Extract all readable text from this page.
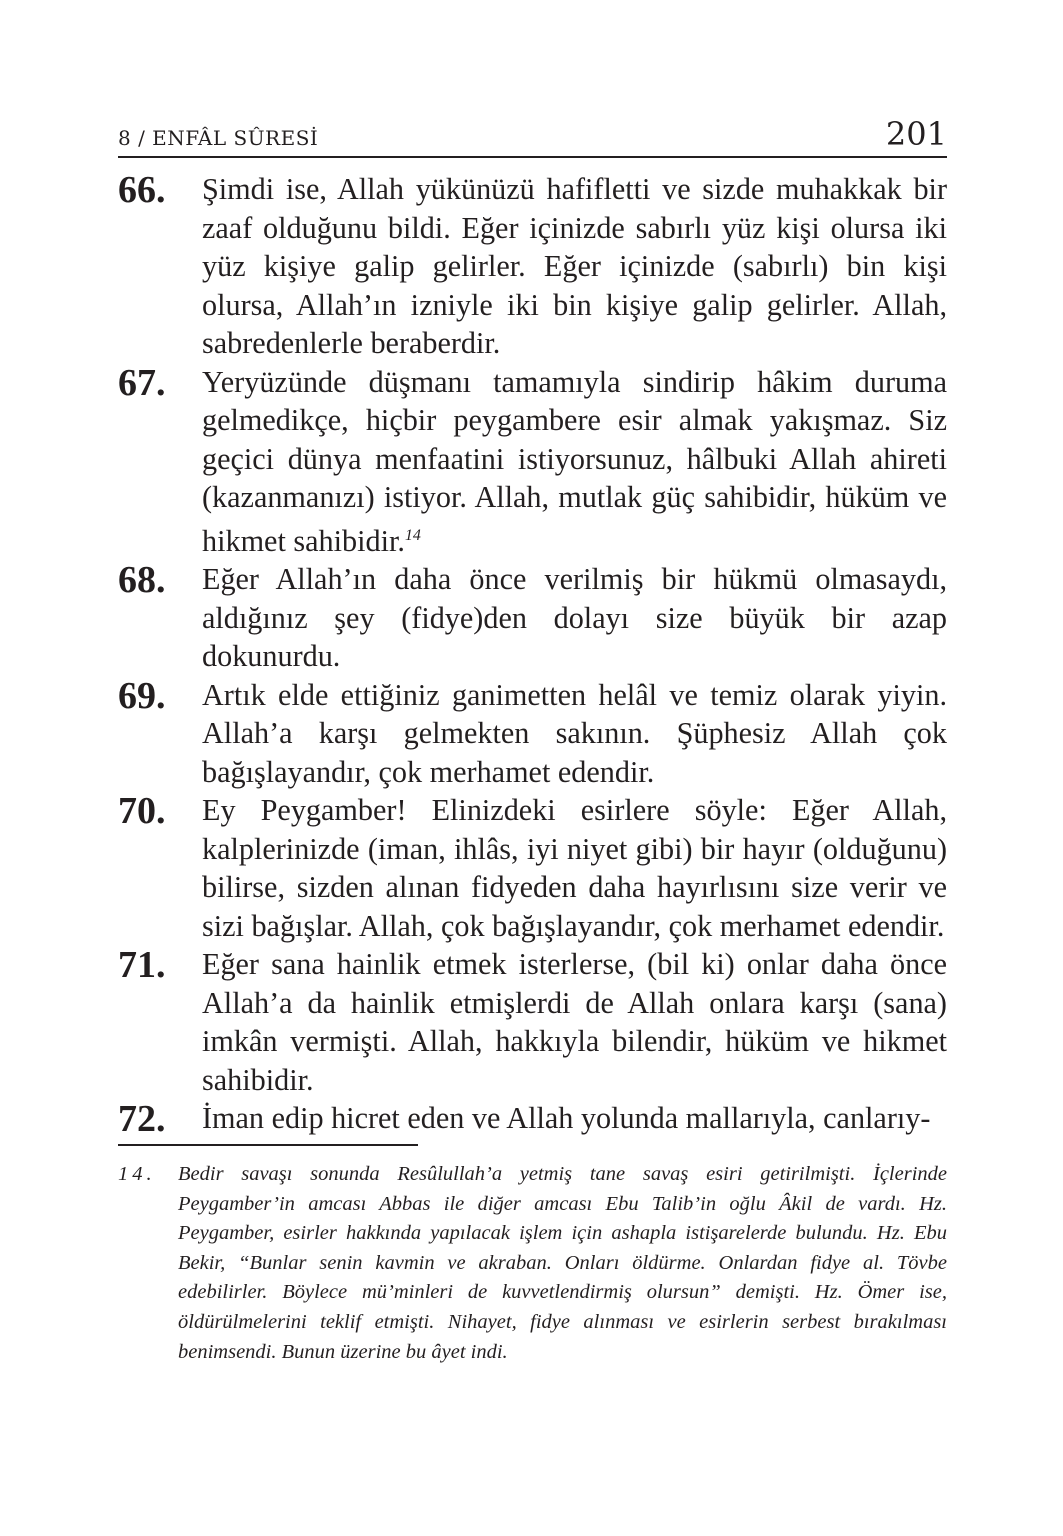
8 / ENFÂL SÛRESİ	201
66.	Şimdi ise, Allah yükünüzü hafifletti ve sizde muhakkak bir zaaf olduğunu bildi. Eğer içinizde sabırlı yüz kişi olursa iki yüz kişiye galip gelirler. Eğer içinizde (sabırlı) bin kişi olursa, Allah’ın izniyle iki bin kişiye galip gelirler. Allah, sabredenlerle beraberdir.
67.	Yeryüzünde düşmanı tamamıyla sindirip hâkim duruma gelmedikçe, hiçbir peygambere esir almak yakışmaz. Siz geçici dünya menfaatini istiyorsunuz, hâlbuki Allah ahireti (kazanmanızı) istiyor. Allah, mutlak güç sahibidir, hüküm ve hikmet sahibidir.$^{14}$
68.	Eğer Allah’ın daha önce verilmiş bir hükmü olmasaydı, aldığınız şey (fidye)den dolayı size büyük bir azap dokunurdu.
69.	Artık elde ettiğiniz ganimetten helâl ve temiz olarak yiyin. Allah’a karşı gelmekten sakının. Şüphesiz Allah çok bağışlayandır, çok merhamet edendir.
70.	Ey Peygamber! Elinizdeki esirlere söyle: Eğer Allah, kalplerinizde (iman, ihlâs, iyi niyet gibi) bir hayır (olduğunu) bilirse, sizden alınan fidyeden daha hayırlısını size verir ve sizi bağışlar. Allah, çok bağışlayandır, çok merhamet edendir.
71.	Eğer sana hainlik etmek isterlerse, (bil ki) onlar daha önce Allah’a da hainlik etmişlerdi de Allah onlara karşı (sana) imkân vermişti. Allah, hakkıyla bilendir, hüküm ve hikmet sahibidir.
72.	İman edip hicret eden ve Allah yolunda mallarıyla, canlarıy-
14.	Bedir savaşı sonunda Resûlullah’a yetmiş tane savaş esiri getirilmişti. İçlerinde Peygamber’in amcası Abbas ile diğer amcası Ebu Talib’in oğlu Âkil de vardı. Hz. Peygamber, esirler hakkında yapılacak işlem için ashapla istişarelerde bulundu. Hz. Ebu Bekir, “Bunlar senin kavmin ve akraban. Onları öldürme. Onlardan fidye al. Tövbe edebilirler. Böylece mü’minleri de kuvvetlendirmiş olursun” demişti. Hz. Ömer ise, öldürülmelerini teklif etmişti. Nihayet, fidye alınması ve esirlerin serbest bırakılması benimsendi. Bunun üzerine bu âyet indi.
